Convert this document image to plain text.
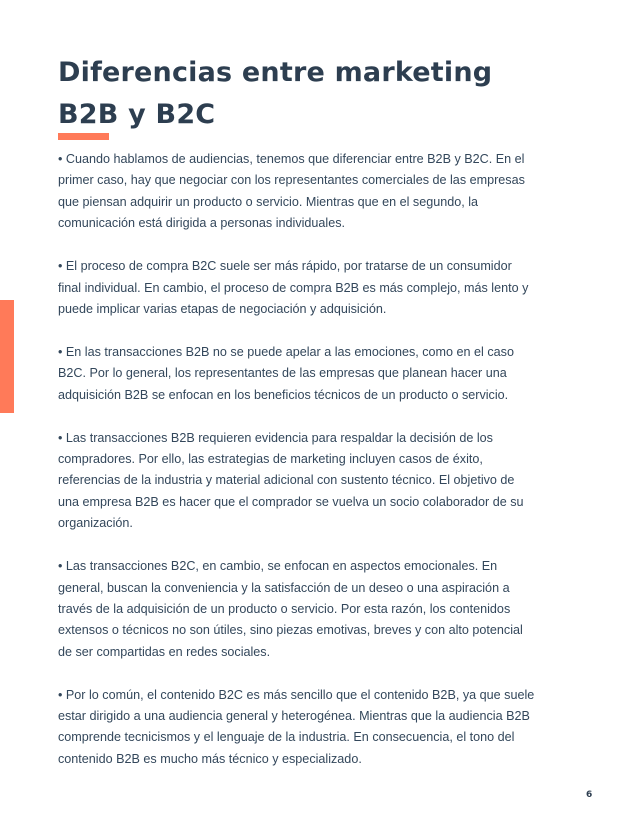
Diferencias entre marketing B2B y B2C

• Cuando hablamos de audiencias, tenemos que diferenciar entre B2B y B2C. En el primer caso, hay que negociar con los representantes comerciales de las empresas que piensan adquirir un producto o servicio. Mientras que en el segundo, la comunicación está dirigida a personas individuales.

• El proceso de compra B2C suele ser más rápido, por tratarse de un consumidor final individual. En cambio, el proceso de compra B2B es más complejo, más lento y puede implicar varias etapas de negociación y adquisición.

• En las transacciones B2B no se puede apelar a las emociones, como en el caso B2C. Por lo general, los representantes de las empresas que planean hacer una adquisición B2B se enfocan en los beneficios técnicos de un producto o servicio.

• Las transacciones B2B requieren evidencia para respaldar la decisión de los compradores. Por ello, las estrategias de marketing incluyen casos de éxito, referencias de la industria y material adicional con sustento técnico. El objetivo de una empresa B2B es hacer que el comprador se vuelva un socio colaborador de su organización.

• Las transacciones B2C, en cambio, se enfocan en aspectos emocionales. En general, buscan la conveniencia y la satisfacción de un deseo o una aspiración a través de la adquisición de un producto o servicio. Por esta razón, los contenidos extensos o técnicos no son útiles, sino piezas emotivas, breves y con alto potencial de ser compartidas en redes sociales.

• Por lo común, el contenido B2C es más sencillo que el contenido B2B, ya que suele estar dirigido a una audiencia general y heterogénea. Mientras que la audiencia B2B comprende tecnicismos y el lenguaje de la industria. En consecuencia, el tono del contenido B2B es mucho más técnico y especializado.

6
